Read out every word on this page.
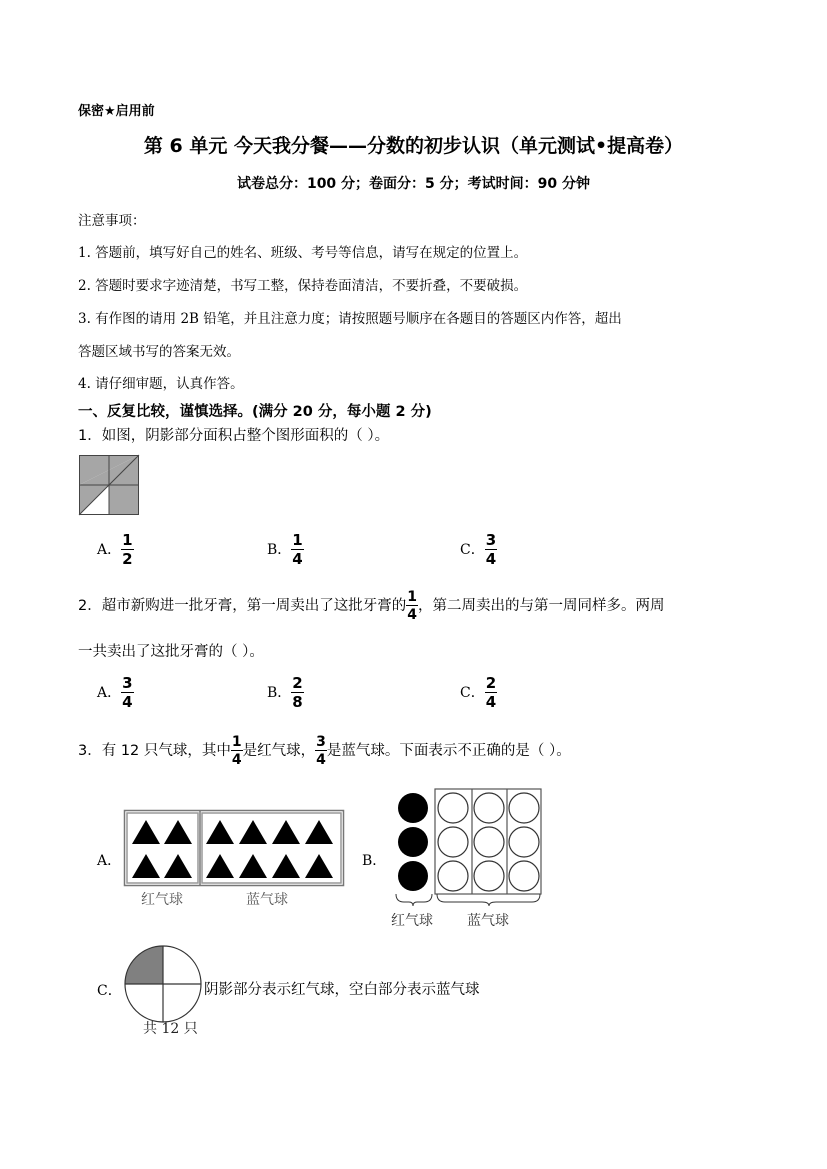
保密★启用前
第 6 单元 今天我分餐——分数的初步认识（单元测试•提高卷）
试卷总分：100 分；卷面分：5 分；考试时间：90 分钟
注意事项：
1. 答题前，填写好自己的姓名、班级、考号等信息，请写在规定的位置上。
2. 答题时要求字迹清楚，书写工整，保持卷面清洁，不要折叠，不要破损。
3. 有作图的请用 2B 铅笔，并且注意力度；请按照题号顺序在各题目的答题区内作答，超出
答题区域书写的答案无效。
4. 请仔细审题，认真作答。
一、反复比较，谨慎选择。(满分 20 分，每小题 2 分)
1．如图，阴影部分面积占整个图形面积的（ ）。
A． $\frac{1}{2}$	B． $\frac{1}{4}$	C． $\frac{3}{4}$
2．超市新购进一批牙膏，第一周卖出了这批牙膏的 $\frac{1}{4}$ ，第二周卖出的与第一周同样多。两周
一共卖出了这批牙膏的（ ）。
A． $\frac{3}{4}$	B． $\frac{2}{8}$	C． $\frac{2}{4}$
3．有 12 只气球，其中 $\frac{1}{4}$ 是红气球， $\frac{3}{4}$ 是蓝气球。下面表示不正确的是（ ）。
A．
红气球	蓝气球
B．
红气球 蓝气球
C．	阴影部分表示红气球，空白部分表示蓝气球
共 12 只
